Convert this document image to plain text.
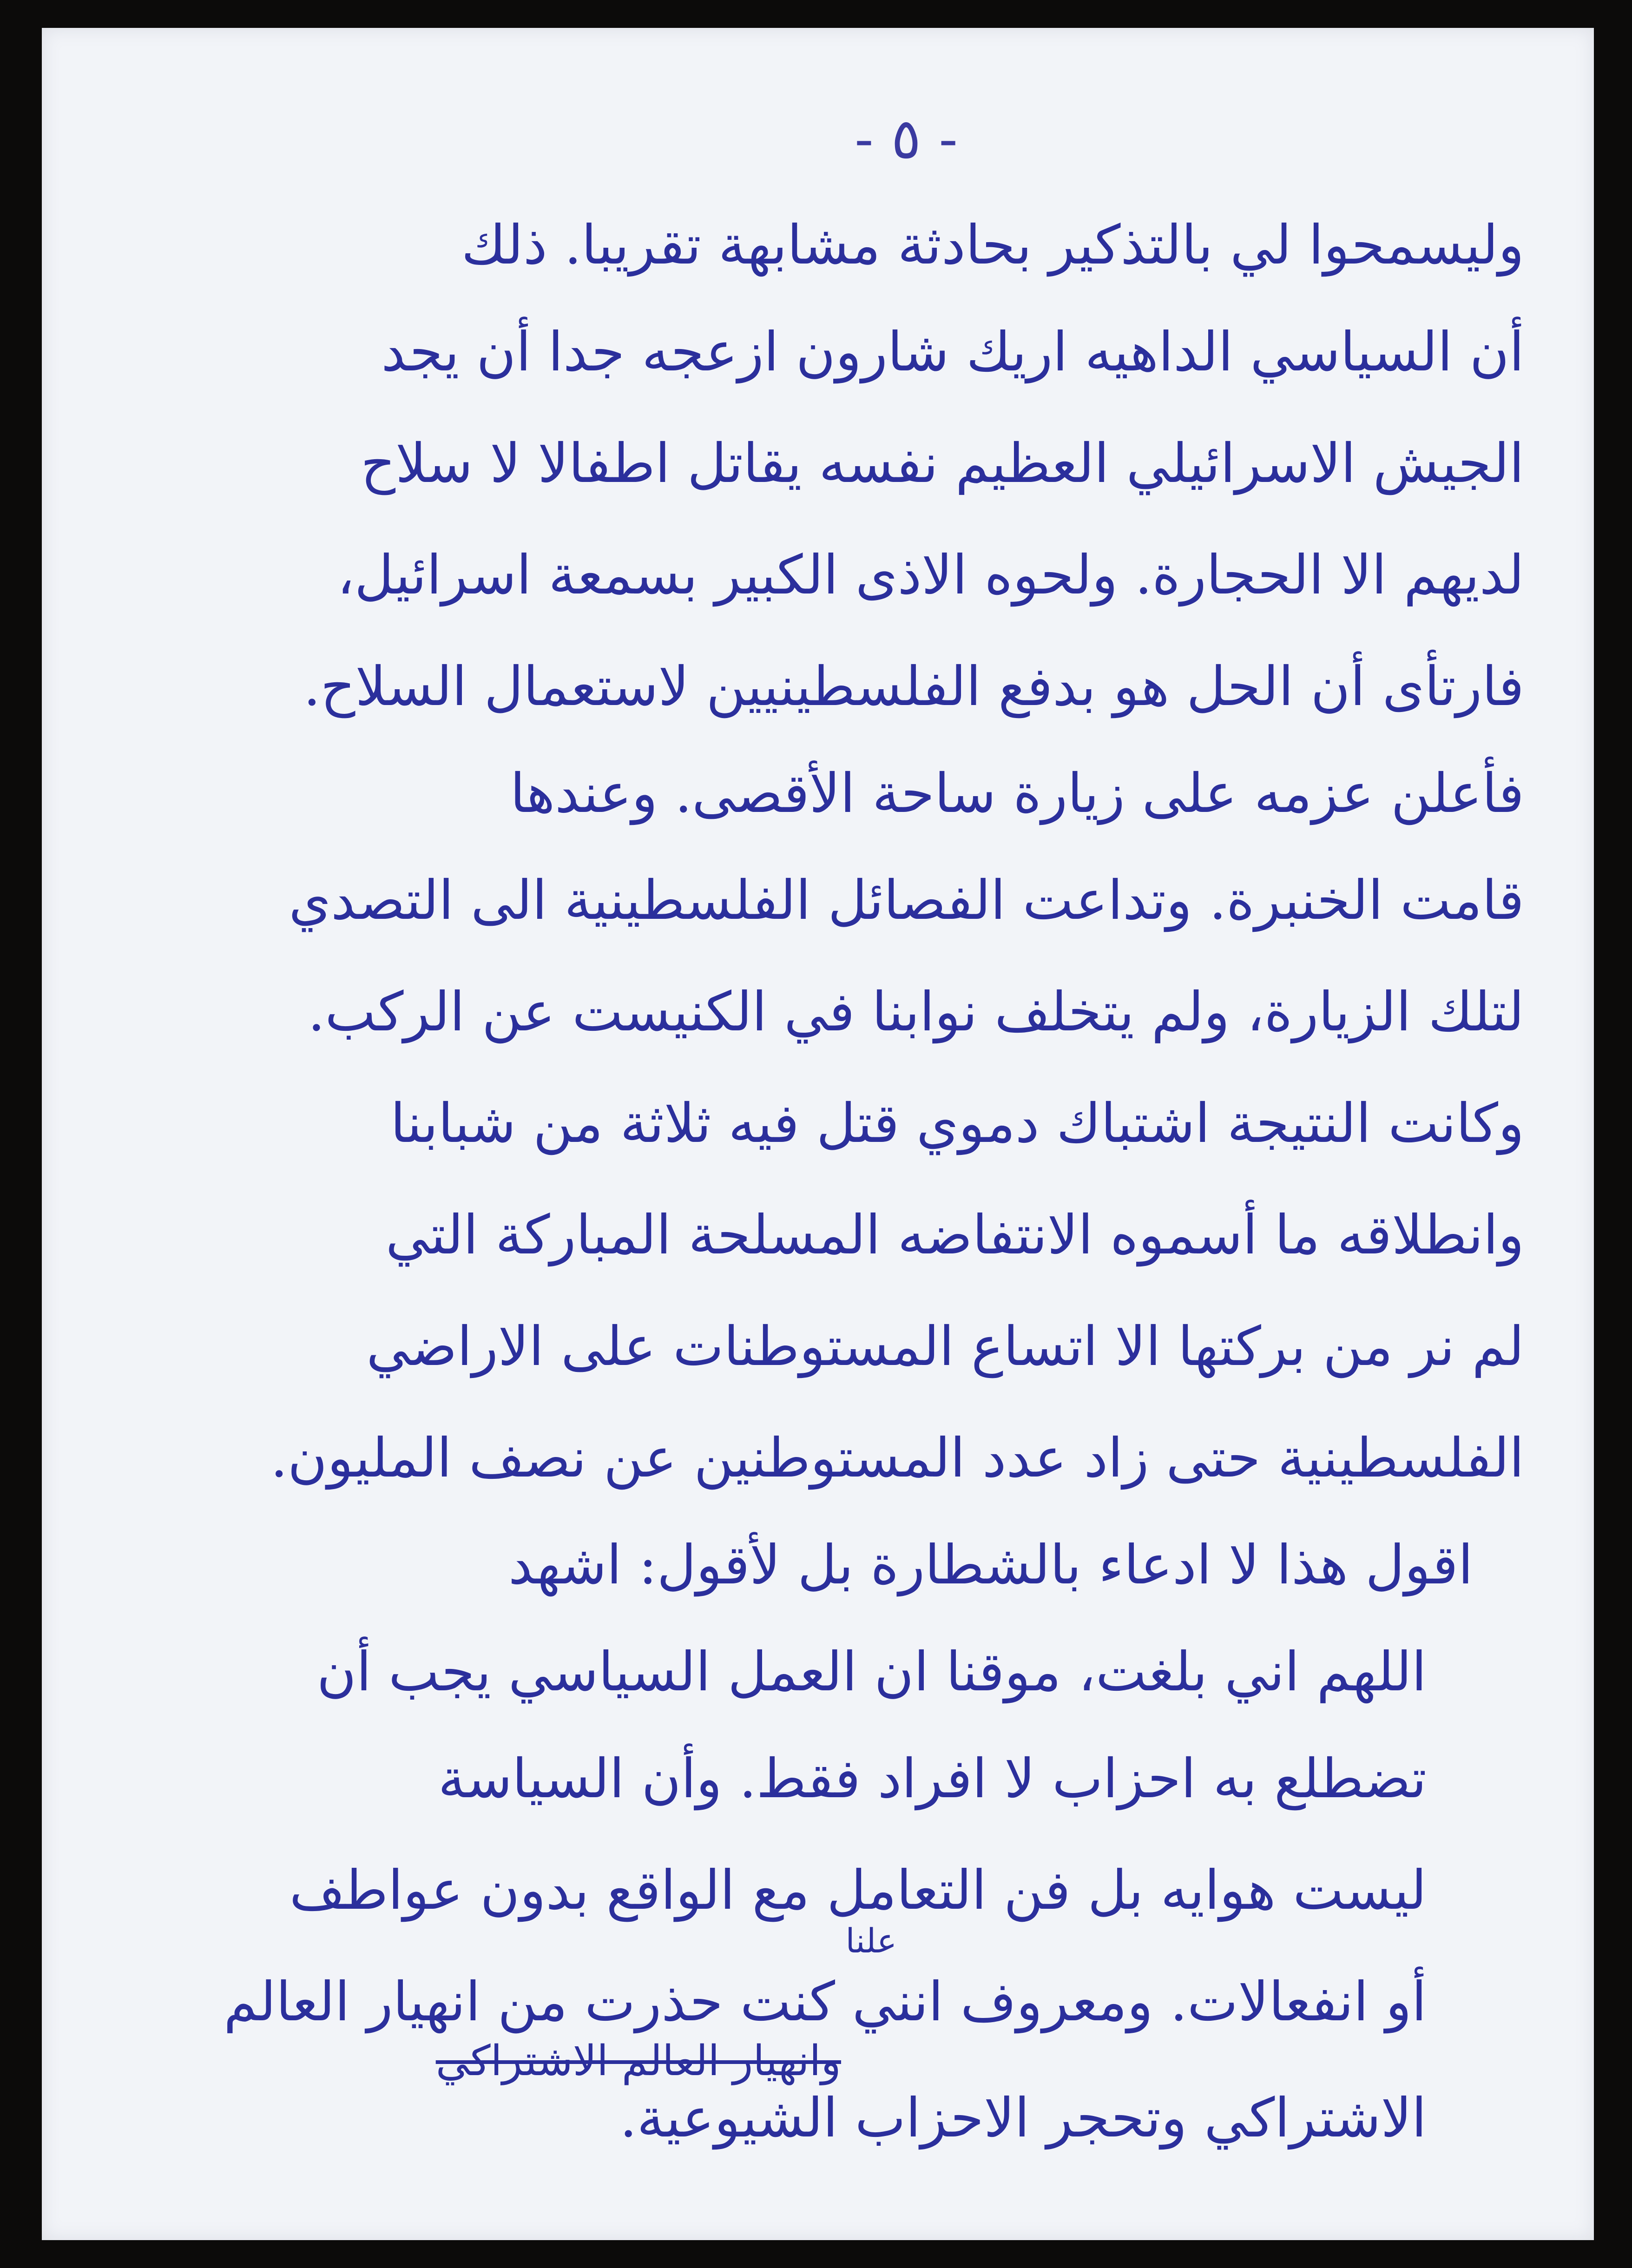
- ٥ -
وليسمحوا لي بالتذكير بحادثة مشابهة تقريبا. ذلك
أن السياسي الداهيه اريك شارون ازعجه جدا أن يجد
الجيش الاسرائيلي العظيم نفسه يقاتل اطفالا لا سلاح
لديهم الا الحجارة. ولحوه الاذى الكبير بسمعة اسرائيل،
فارتأى أن الحل هو بدفع الفلسطينيين لاستعمال السلاح.
فأعلن عزمه على زيارة ساحة الأقصى. وعندها
قامت الخنبرة. وتداعت الفصائل الفلسطينية الى التصدي
لتلك الزيارة، ولم يتخلف نوابنا في الكنيست عن الركب.
وكانت النتيجة اشتباك دموي قتل فيه ثلاثة من شبابنا
وانطلاقه ما أسموه الانتفاضه المسلحة المباركة التي
لم نر من بركتها الا اتساع المستوطنات على الاراضي
الفلسطينية حتى زاد عدد المستوطنين عن نصف المليون.
اقول هذا لا ادعاء بالشطارة بل لأقول: اشهد
اللهم اني بلغت، موقنا ان العمل السياسي يجب أن
تضطلع به احزاب لا افراد فقط. وأن السياسة
ليست هوايه بل فن التعامل مع الواقع بدون عواطف
أو انفعالات. ومعروف انني كنت حذرت من انهيار العالم
علنا
الاشتراكي وتحجر الاحزاب الشيوعية.
وانهيار العالم الاشتراكي
